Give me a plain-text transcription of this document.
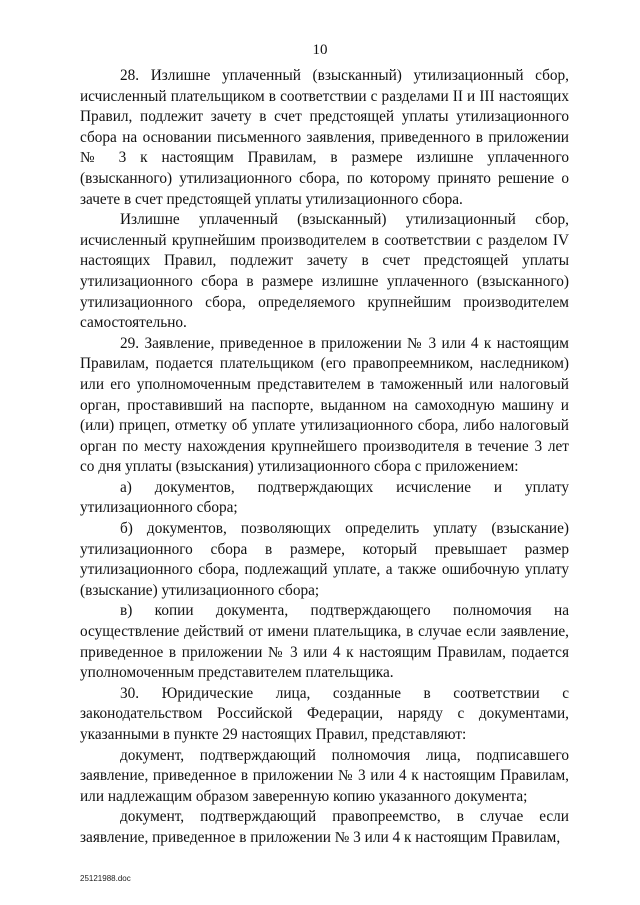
10

28. Излишне уплаченный (взысканный) утилизационный сбор, исчисленный плательщиком в соответствии с разделами II и III настоящих Правил, подлежит зачету в счет предстоящей уплаты утилизационного сбора на основании письменного заявления, приведенного в приложении № 3 к настоящим Правилам, в размере излишне уплаченного (взысканного) утилизационного сбора, по которому принято решение о зачете в счет предстоящей уплаты утилизационного сбора.

Излишне уплаченный (взысканный) утилизационный сбор, исчисленный крупнейшим производителем в соответствии с разделом IV настоящих Правил, подлежит зачету в счет предстоящей уплаты утилизационного сбора в размере излишне уплаченного (взысканного) утилизационного сбора, определяемого крупнейшим производителем самостоятельно.

29. Заявление, приведенное в приложении № 3 или 4 к настоящим Правилам, подается плательщиком (его правопреемником, наследником) или его уполномоченным представителем в таможенный или налоговый орган, проставивший на паспорте, выданном на самоходную машину и (или) прицеп, отметку об уплате утилизационного сбора, либо налоговый орган по месту нахождения крупнейшего производителя в течение 3 лет со дня уплаты (взыскания) утилизационного сбора с приложением:

а) документов, подтверждающих исчисление и уплату утилизационного сбора;

б) документов, позволяющих определить уплату (взыскание) утилизационного сбора в размере, который превышает размер утилизационного сбора, подлежащий уплате, а также ошибочную уплату (взыскание) утилизационного сбора;

в) копии документа, подтверждающего полномочия на осуществление действий от имени плательщика, в случае если заявление, приведенное в приложении № 3 или 4 к настоящим Правилам, подается уполномоченным представителем плательщика.

30. Юридические лица, созданные в соответствии с законодательством Российской Федерации, наряду с документами, указанными в пункте 29 настоящих Правил, представляют:

документ, подтверждающий полномочия лица, подписавшего заявление, приведенное в приложении № 3 или 4 к настоящим Правилам, или надлежащим образом заверенную копию указанного документа;

документ, подтверждающий правопреемство, в случае если заявление, приведенное в приложении № 3 или 4 к настоящим Правилам,

25121988.doc
